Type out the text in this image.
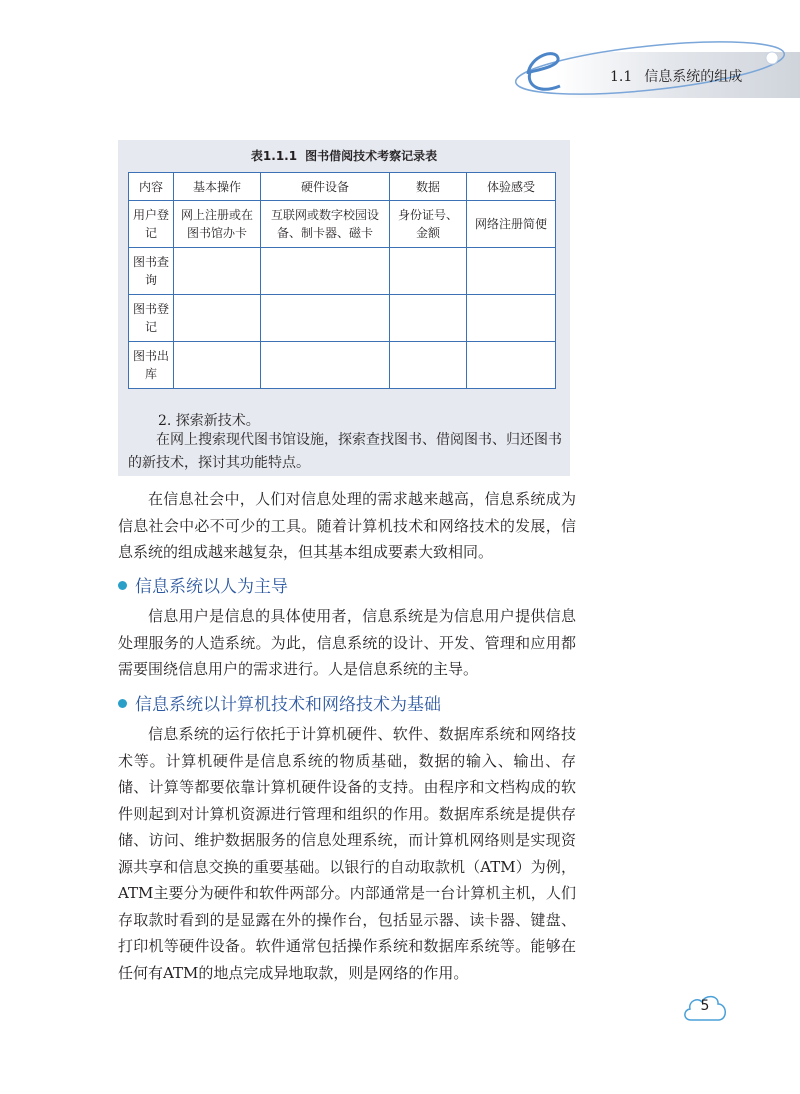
1.1 信息系统的组成
表1.1.1 图书借阅技术考察记录表
内容	基本操作	硬件设备	数据	体验感受

用户登记	网上注册或在图书馆办卡	互联网或数字校园设备、制卡器、磁卡	身份证号、金额	网络注册简便

图书查询				

图书登记				

图书出库				

2. 探索新技术。
在网上搜索现代图书馆设施，探索查找图书、借阅图书、归还图书的新技术，探讨其功能特点。
在信息社会中，人们对信息处理的需求越来越高，信息系统成为信息社会中必不可少的工具。随着计算机技术和网络技术的发展，信息系统的组成越来越复杂，但其基本组成要素大致相同。
信息系统以人为主导
信息用户是信息的具体使用者，信息系统是为信息用户提供信息处理服务的人造系统。为此，信息系统的设计、开发、管理和应用都需要围绕信息用户的需求进行。人是信息系统的主导。
信息系统以计算机技术和网络技术为基础
信息系统的运行依托于计算机硬件、软件、数据库系统和网络技术等。计算机硬件是信息系统的物质基础，数据的输入、输出、存储、计算等都要依靠计算机硬件设备的支持。由程序和文档构成的软件则起到对计算机资源进行管理和组织的作用。数据库系统是提供存储、访问、维护数据服务的信息处理系统，而计算机网络则是实现资源共享和信息交换的重要基础。以银行的自动取款机（ATM）为例，ATM主要分为硬件和软件两部分。内部通常是一台计算机主机，人们存取款时看到的是显露在外的操作台，包括显示器、读卡器、键盘、打印机等硬件设备。软件通常包括操作系统和数据库系统等。能够在任何有ATM的地点完成异地取款，则是网络的作用。
5
